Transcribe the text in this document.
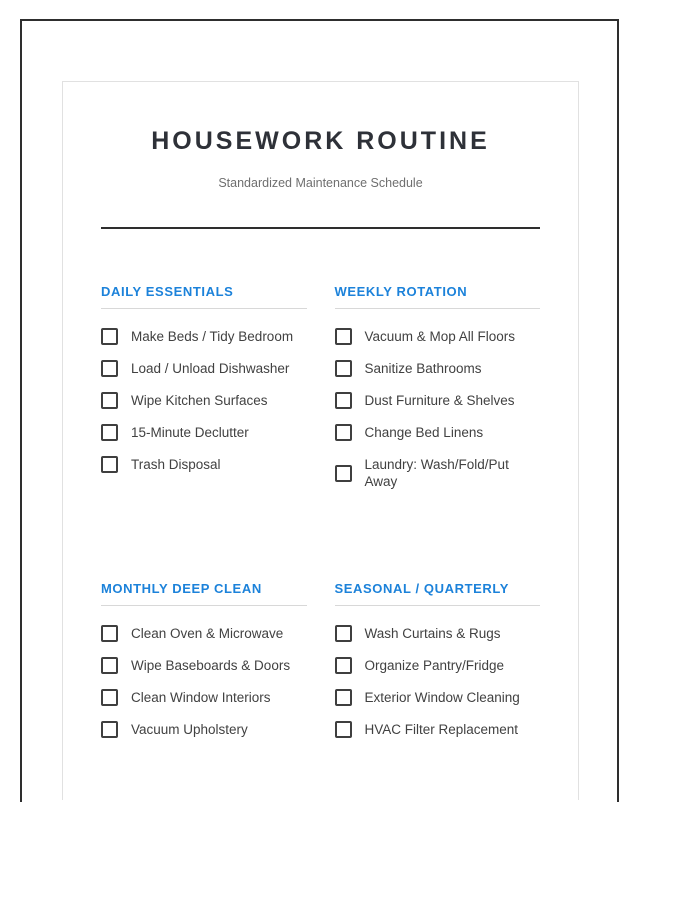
HOUSEWORK ROUTINE
Standardized Maintenance Schedule
DAILY ESSENTIALS
Make Beds / Tidy Bedroom
Load / Unload Dishwasher
Wipe Kitchen Surfaces
15-Minute Declutter
Trash Disposal
WEEKLY ROTATION
Vacuum & Mop All Floors
Sanitize Bathrooms
Dust Furniture & Shelves
Change Bed Linens
Laundry: Wash/Fold/Put Away
MONTHLY DEEP CLEAN
Clean Oven & Microwave
Wipe Baseboards & Doors
Clean Window Interiors
Vacuum Upholstery
SEASONAL / QUARTERLY
Wash Curtains & Rugs
Organize Pantry/Fridge
Exterior Window Cleaning
HVAC Filter Replacement
